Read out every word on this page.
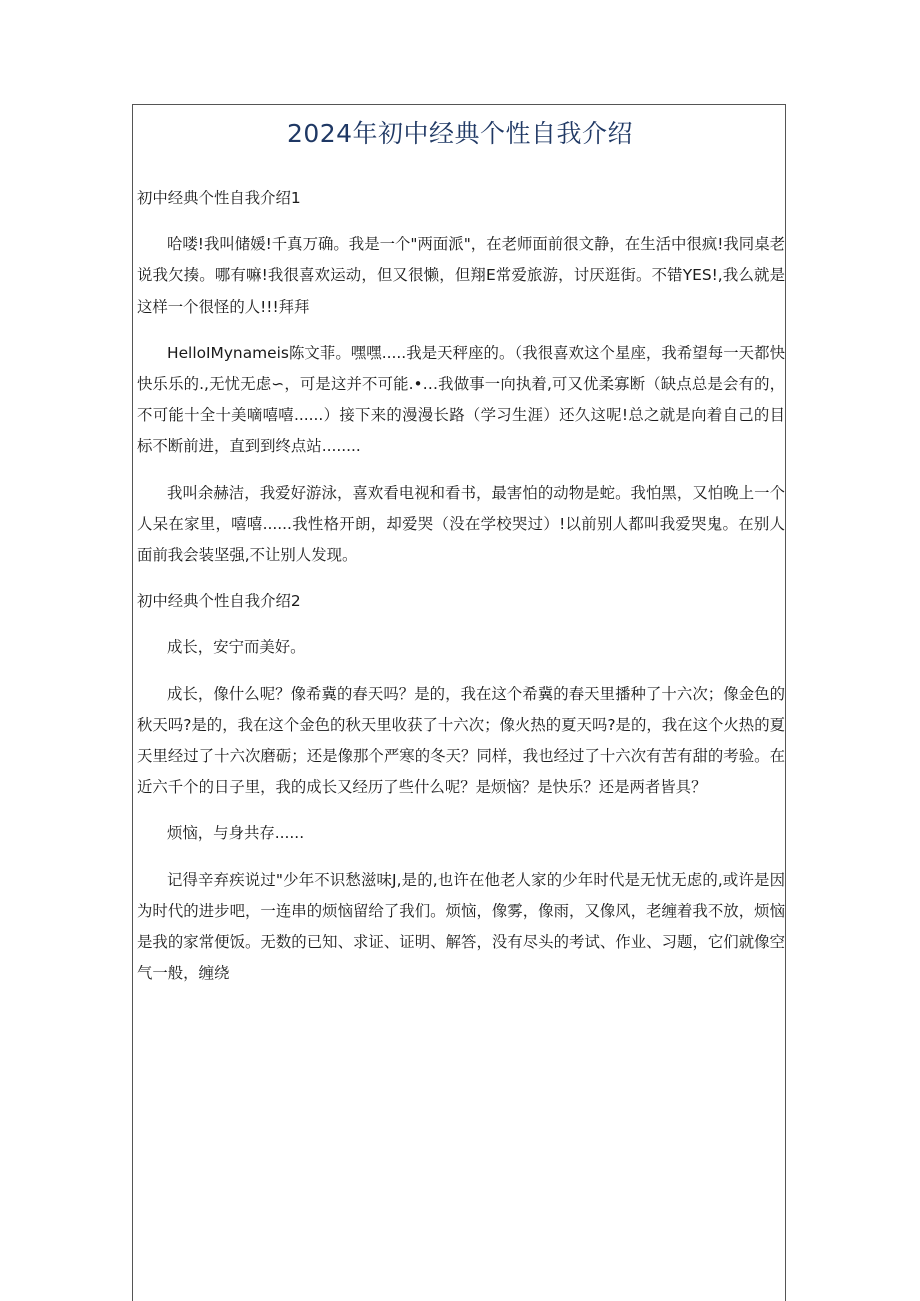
2024年初中经典个性自我介绍
初中经典个性自我介绍1

哈喽!我叫储媛!千真万确。我是一个"两面派"，在老师面前很文静，在生活中很疯!我同桌老说我欠揍。哪有嘛!我很喜欢运动，但又很懒，但翔E常爱旅游，讨厌逛街。不错YES!,我么就是这样一个很怪的人!!!拜拜

HelloIMynameis陈文菲。嘿嘿.....我是天秤座的。（我很喜欢这个星座，我希望每一天都快快乐乐的.,无忧无虑∽，可是这并不可能.•…我做事一向执着,可又优柔寡断（缺点总是会有的，不可能十全十美嘀嘻嘻......）接下来的漫漫长路（学习生涯）还久这呢!总之就是向着自己的目标不断前进，直到到终点站........

我叫余赫洁，我爱好游泳，喜欢看电视和看书，最害怕的动物是蛇。我怕黑，又怕晚上一个人呆在家里，嘻嘻......我性格开朗，却爱哭（没在学校哭过）!以前别人都叫我爱哭鬼。在别人面前我会装坚强,不让别人发现。

初中经典个性自我介绍2

成长，安宁而美好。

成长，像什么呢？像希冀的春天吗？是的，我在这个希冀的春天里播种了十六次；像金色的秋天吗?是的，我在这个金色的秋天里收获了十六次；像火热的夏天吗?是的，我在这个火热的夏天里经过了十六次磨砺；还是像那个严寒的冬天？同样，我也经过了十六次有苦有甜的考验。在近六千个的日子里，我的成长又经历了些什么呢？是烦恼？是快乐？还是两者皆具？

烦恼，与身共存......

记得辛弃疾说过"少年不识愁滋味J,是的,也许在他老人家的少年时代是无忧无虑的,或许是因为时代的进步吧，一连串的烦恼留给了我们。烦恼，像雾，像雨，又像风，老缠着我不放，烦恼是我的家常便饭。无数的已知、求证、证明、解答，没有尽头的考试、作业、习题，它们就像空气一般，缠绕
